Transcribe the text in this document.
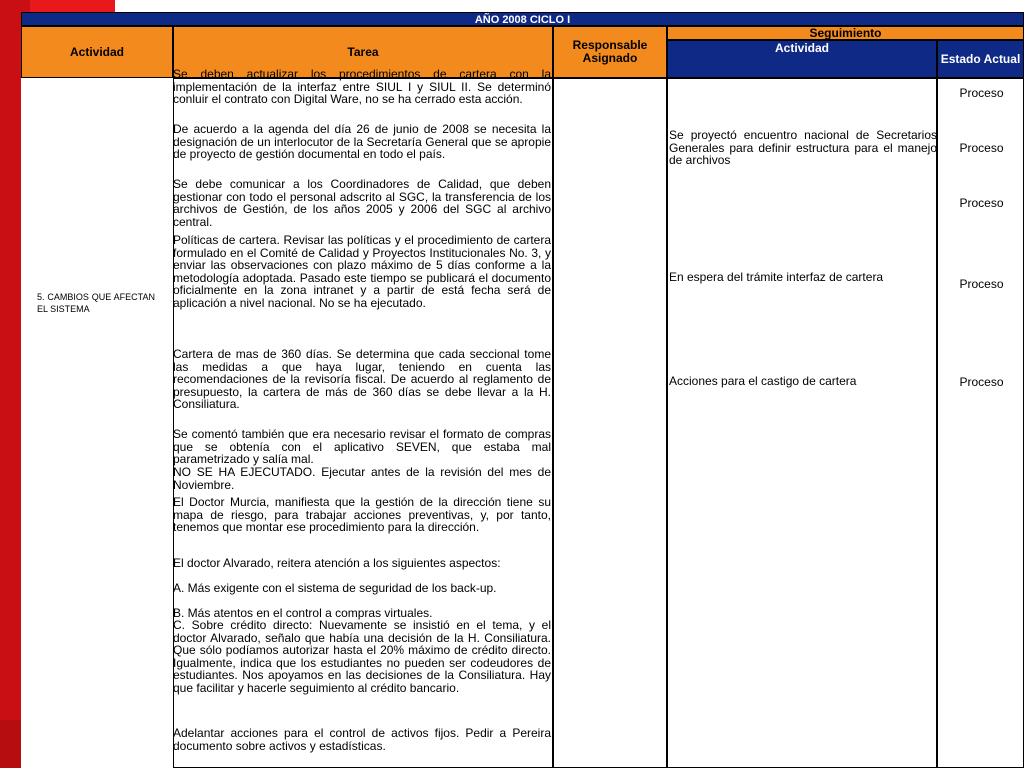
AÑO 2008 CICLO I
Actividad	Tarea	Responsable Asignado
Seguimiento
Actividad
Estado Actual
5. CAMBIOS QUE AFECTAN EL SISTEMA
Se deben actualizar los procedimientos de cartera con la implementación de la interfaz entre SIUL I y SIUL II. Se determinó conluir el contrato con Digital Ware, no se ha cerrado esta acción.
De acuerdo a la agenda del día 26 de junio de 2008 se necesita la designación de un interlocutor de la Secretaría General que se apropie de proyecto de gestión documental en todo el país.
Se debe comunicar a los Coordinadores de Calidad, que deben gestionar con todo el personal adscrito al SGC, la transferencia de los archivos de Gestión, de los años 2005 y 2006 del SGC al archivo central.
Políticas de cartera. Revisar las políticas y el procedimiento de cartera formulado en el Comité de Calidad y Proyectos Institucionales No. 3, y enviar las observaciones con plazo máximo de 5 días conforme a la metodología adoptada. Pasado este tiempo se publicará el documento oficialmente en la zona intranet y a partir de está fecha será de aplicación a nivel nacional. No se ha ejecutado.
Cartera de mas de 360 días. Se determina que cada seccional tome las medidas a que haya lugar, teniendo en cuenta las recomendaciones de la revisoría fiscal. De acuerdo al reglamento de presupuesto, la cartera de más de 360 días se debe llevar a la H. Consiliatura.
Se comentó también que era necesario revisar el formato de compras que se obtenía con el aplicativo SEVEN, que estaba mal parametrizado y salía mal.
NO SE HA EJECUTADO. Ejecutar antes de la revisión del mes de Noviembre.
El Doctor Murcia, manifiesta que la gestión de la dirección tiene su mapa de riesgo, para trabajar acciones preventivas, y, por tanto, tenemos que montar ese procedimiento para la dirección.
El doctor Alvarado, reitera atención a los siguientes aspectos:
A. Más exigente con el sistema de seguridad de los back-up.
B. Más atentos en el control a compras virtuales.
C. Sobre crédito directo: Nuevamente se insistió en el tema, y el doctor Alvarado, señalo que había una decisión de la H. Consiliatura. Que sólo podíamos autorizar hasta el 20% máximo de crédito directo. Igualmente, indica que los estudiantes no pueden ser codeudores de estudiantes. Nos apoyamos en las decisiones de la Consiliatura. Hay que facilitar y hacerle seguimiento al crédito bancario.
Adelantar acciones para el control de activos fijos. Pedir a Pereira documento sobre activos y estadísticas.
Se proyectó encuentro nacional de Secretarios Generales para definir estructura para el manejo de archivos
En espera del trámite interfaz de cartera
Acciones para el castigo de cartera
Proceso
Proceso
Proceso
Proceso
Proceso
